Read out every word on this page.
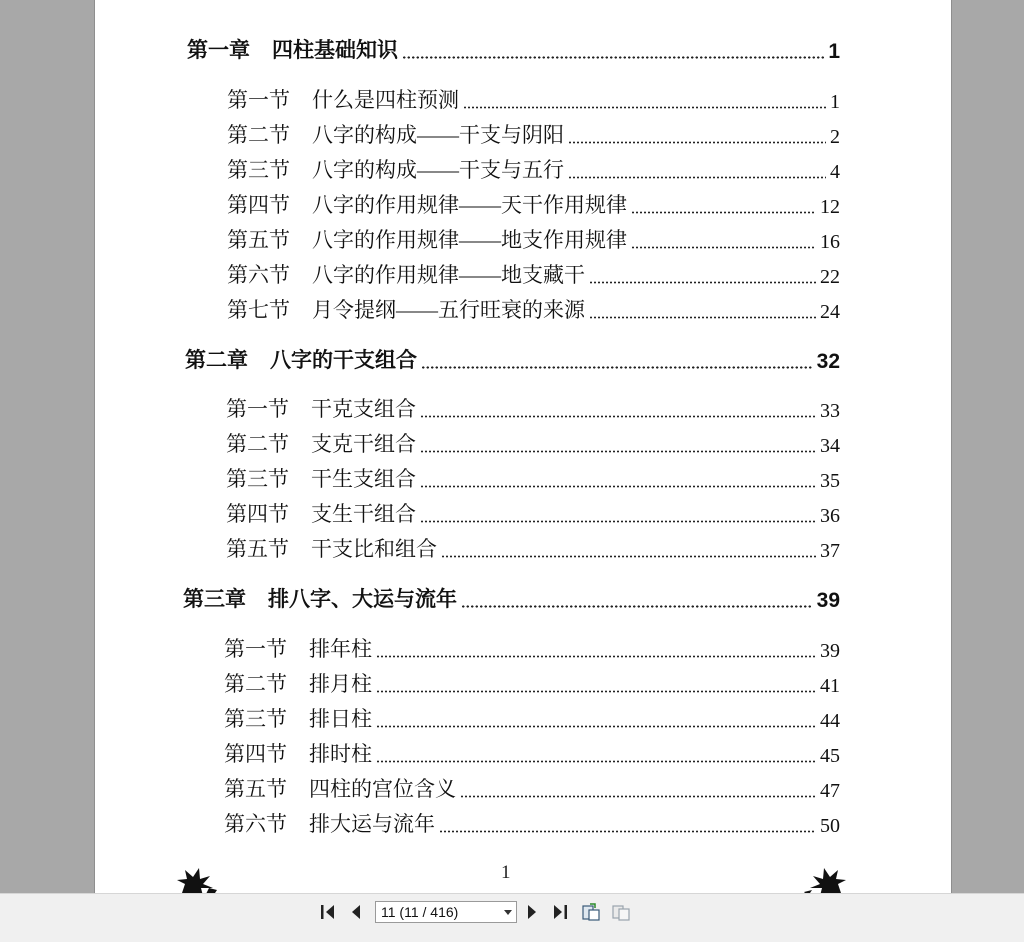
第一章 四柱基础知识	1
第一节 什么是四柱预测	1
第二节 八字的构成——干支与阴阳	2
第三节 八字的构成——干支与五行	4
第四节 八字的作用规律——天干作用规律	12
第五节 八字的作用规律——地支作用规律	16
第六节 八字的作用规律——地支藏干	22
第七节 月令提纲——五行旺衰的来源	24
第二章 八字的干支组合	32
第一节 干克支组合	33
第二节 支克干组合	34
第三节 干生支组合	35
第四节 支生干组合	36
第五节 干支比和组合	37
第三章 排八字、大运与流年	39
第一节 排年柱	39
第二节 排月柱	41
第三节 排日柱	44
第四节 排时柱	45
第五节 四柱的宫位含义	47
第六节 排大运与流年	50
1
11 (11 / 416)
